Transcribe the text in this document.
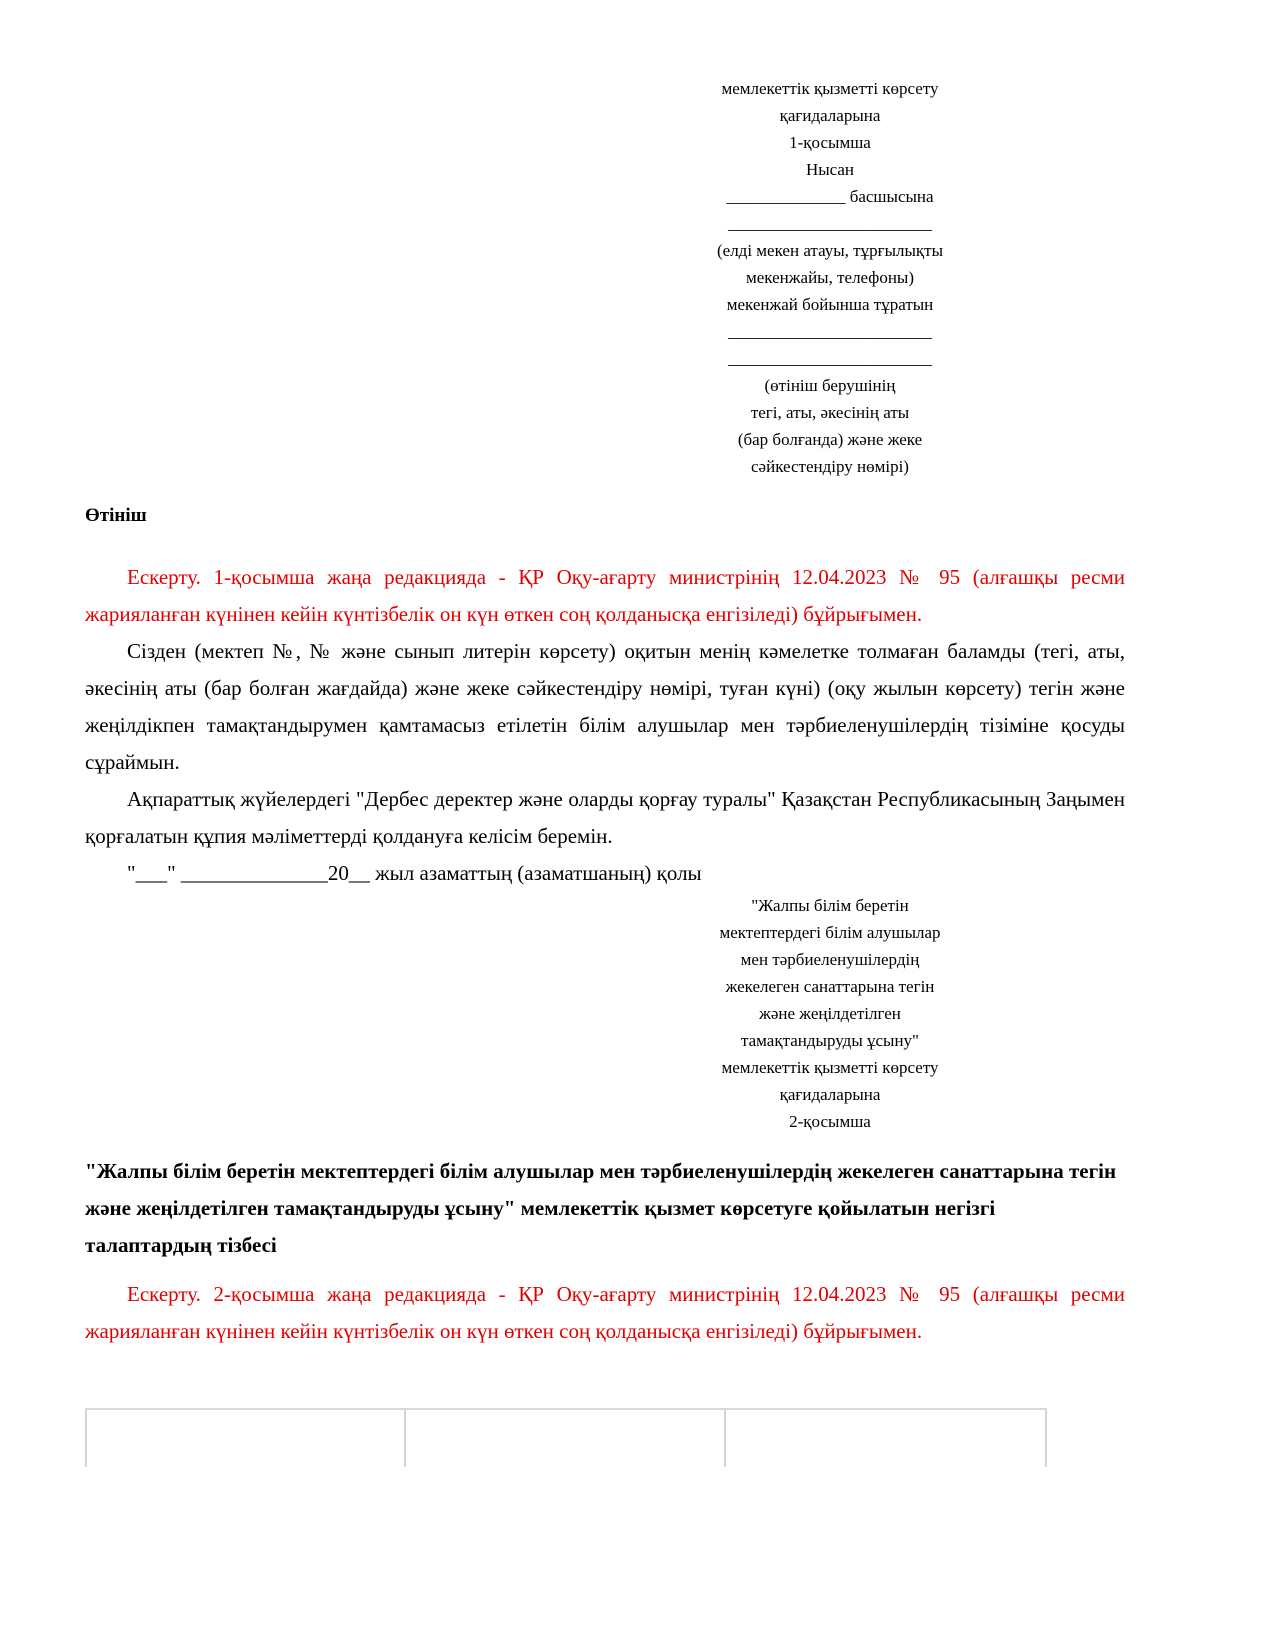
мемлекеттік қызметті көрсету
қағидаларына
1-қосымша
Нысан
______________ басшысына
________________________
(елді мекен атауы, тұрғылықты
мекенжайы, телефоны)
мекенжай бойынша тұратын
________________________
________________________
(өтініш берушінің
тегі, аты, әкесінің аты
(бар болғанда) және жеке
сәйкестендіру нөмірі)
Өтініш

Ескерту. 1-қосымша жаңа редакцияда - ҚР Оқу-ағарту министрінің 12.04.2023 № 95 (алғашқы ресми жарияланған күнінен кейін күнтізбелік он күн өткен соң қолданысқа енгізіледі) бұйрығымен.

Сізден (мектеп №, № және сынып литерін көрсету) оқитын менің кәмелетке толмаған баламды (тегі, аты, әкесінің аты (бар болған жағдайда) және жеке сәйкестендіру нөмірі, туған күні) (оқу жылын көрсету) тегін және жеңілдікпен тамақтандырумен қамтамасыз етілетін білім алушылар мен тәрбиеленушілердің тізіміне қосуды сұраймын.

Ақпараттық жүйелердегі "Дербес деректер және оларды қорғау туралы" Қазақстан Республикасының Заңымен қорғалатын құпия мәліметтерді қолдануға келісім беремін.

"___" ______________20__ жыл азаматтың (азаматшаның) қолы

"Жалпы білім беретін
мектептердегі білім алушылар
мен тәрбиеленушілердің
жекелеген санаттарына тегін
және жеңілдетілген
тамақтандыруды ұсыну"
мемлекеттік қызметті көрсету
қағидаларына
2-қосымша
"Жалпы білім беретін мектептердегі білім алушылар мен тәрбиеленушілердің жекелеген санаттарына тегін және жеңілдетілген тамақтандыруды ұсыну" мемлекеттік қызмет көрсетуге қойылатын негізгі талаптардың тізбесі

Ескерту. 2-қосымша жаңа редакцияда - ҚР Оқу-ағарту министрінің 12.04.2023 № 95 (алғашқы ресми жарияланған күнінен кейін күнтізбелік он күн өткен соң қолданысқа енгізіледі) бұйрығымен.
